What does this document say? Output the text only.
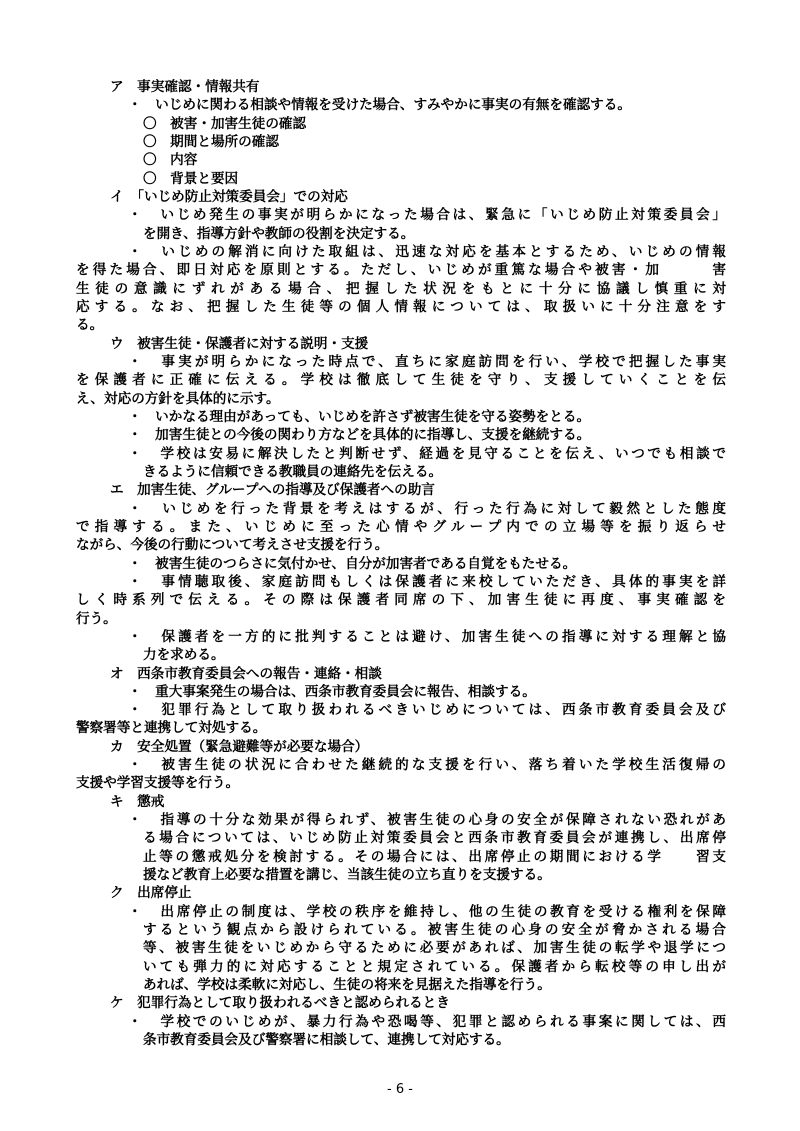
ア　事実確認・情報共有
・　いじめに関わる相談や情報を受けた場合、すみやかに事実の有無を確認する。
〇　被害・加害生徒の確認
〇　期間と場所の確認
〇　内容
〇　背景と要因
イ　「いじめ防止対策委員会」での対応
・　いじめ発生の事実が明らかになった場合は、緊急に「いじめ防止対策委員会」
を開き、指導方針や教師の役割を決定する。
・　いじめの解消に向けた取組は、迅速な対応を基本とするため、いじめの情報
を得た場合、即日対応を原則とする。ただし、いじめが重篤な場合や被害・加　　　害
生徒の意識にずれがある場合、把握した状況をもとに十分に協議し慎重に対
応する。なお、把握した生徒等の個人情報については、取扱いに十分注意をす
る。
ウ　被害生徒・保護者に対する説明・支援
・　事実が明らかになった時点で、直ちに家庭訪問を行い、学校で把握した事実
を保護者に正確に伝える。学校は徹底して生徒を守り、支援していくことを伝
え、対応の方針を具体的に示す。
・　いかなる理由があっても、いじめを許さず被害生徒を守る姿勢をとる。
・　加害生徒との今後の関わり方などを具体的に指導し、支援を継続する。
・　学校は安易に解決したと判断せず、経過を見守ることを伝え、いつでも相談で
きるように信頼できる教職員の連絡先を伝える。
エ　加害生徒、グループへの指導及び保護者への助言
・　いじめを行った背景を考えはするが、行った行為に対して毅然とした態度
で指導する。また、いじめに至った心情やグループ内での立場等を振り返らせ
ながら、今後の行動について考えさせ支援を行う。
・　被害生徒のつらさに気付かせ、自分が加害者である自覚をもたせる。
・　事情聴取後、家庭訪問もしくは保護者に来校していただき、具体的事実を詳
しく時系列で伝える。その際は保護者同席の下、加害生徒に再度、事実確認を
行う。
・　保護者を一方的に批判することは避け、加害生徒への指導に対する理解と協
力を求める。
オ　西条市教育委員会への報告・連絡・相談
・　重大事案発生の場合は、西条市教育委員会に報告、相談する。
・　犯罪行為として取り扱われるべきいじめについては、西条市教育委員会及び
警察署等と連携して対処する。
カ　安全処置（緊急避難等が必要な場合）
・　被害生徒の状況に合わせた継続的な支援を行い、落ち着いた学校生活復帰の
支援や学習支援等を行う。
キ　懲戒
・　指導の十分な効果が得られず、被害生徒の心身の安全が保障されない恐れがあ
る場合については、いじめ防止対策委員会と西条市教育委員会が連携し、出席停
止等の懲戒処分を検討する。その場合には、出席停止の期間における学　　習支
援など教育上必要な措置を講じ、当該生徒の立ち直りを支援する。
ク　出席停止
・　出席停止の制度は、学校の秩序を維持し、他の生徒の教育を受ける権利を保障
するという観点から設けられている。被害生徒の心身の安全が脅かされる場合
等、被害生徒をいじめから守るために必要があれば、加害生徒の転学や退学につ
いても弾力的に対応することと規定されている。保護者から転校等の申し出が
あれば、学校は柔軟に対応し、生徒の将来を見据えた指導を行う。
ケ　犯罪行為として取り扱われるべきと認められるとき
・　学校でのいじめが、暴力行為や恐喝等、犯罪と認められる事案に関しては、西
条市教育委員会及び警察署に相談して、連携して対応する。
- 6 -
